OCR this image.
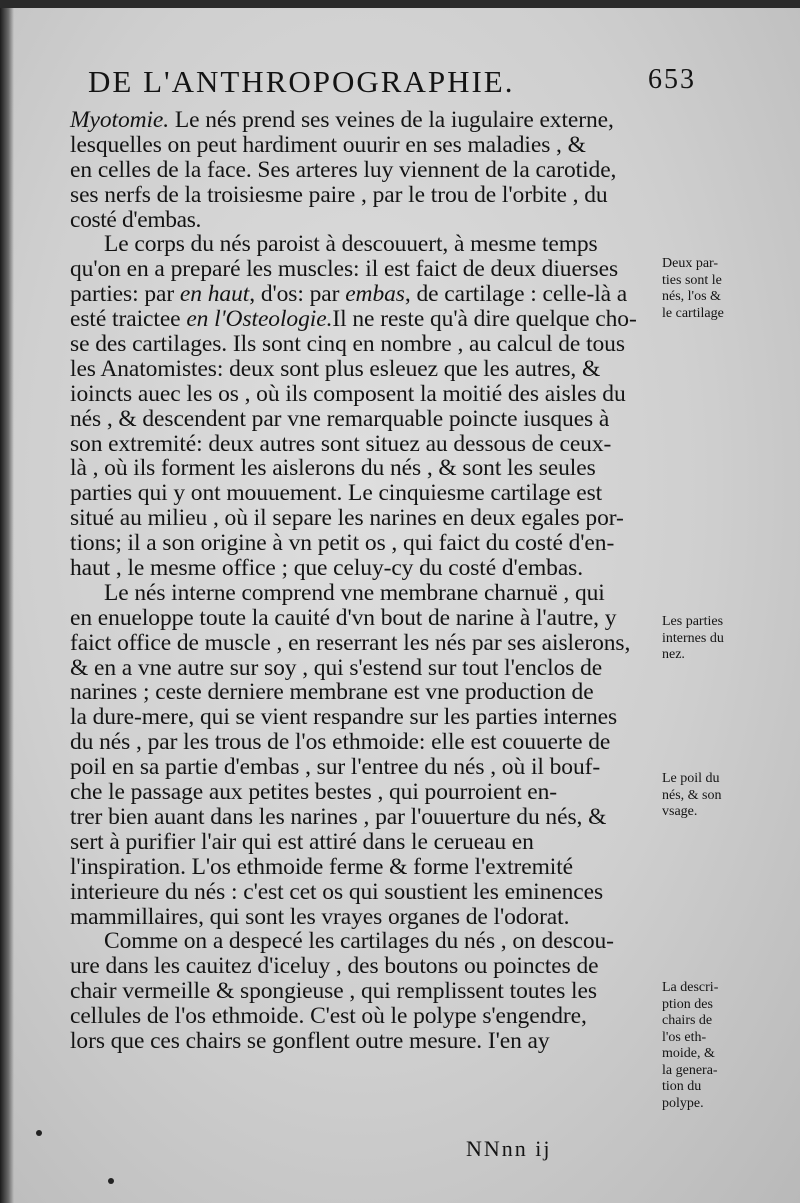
DE L'ANTHROPOGRAPHIE.	653
Myotomie. Le nés prend ses veines de la iugulaire externe,
lesquelles on peut hardiment ouurir en ses maladies , &
en celles de la face. Ses arteres luy viennent de la carotide,
ses nerfs de la troisiesme paire , par le trou de l'orbite , du
costé d'embas.
Le corps du nés paroist à descouuert, à mesme temps
qu'on en a preparé les muscles: il est faict de deux diuerses
parties: par en haut, d'os: par embas, de cartilage : celle-là a
esté traictee en l'Osteologie.Il ne reste qu'à dire quelque cho-
se des cartilages. Ils sont cinq en nombre , au calcul de tous
les Anatomistes: deux sont plus esleuez que les autres, &
ioincts auec les os , où ils composent la moitié des aisles du
nés , & descendent par vne remarquable poincte iusques à
son extremité: deux autres sont situez au dessous de ceux-
là , où ils forment les aislerons du nés , & sont les seules
parties qui y ont mouuement. Le cinquiesme cartilage est
situé au milieu , où il separe les narines en deux egales por-
tions; il a son origine à vn petit os , qui faict du costé d'en-
haut , le mesme office ; que celuy-cy du costé d'embas.
Le nés interne comprend vne membrane charnuë , qui
en enueloppe toute la cauité d'vn bout de narine à l'autre, y
faict office de muscle , en reserrant les nés par ses aislerons,
& en a vne autre sur soy , qui s'estend sur tout l'enclos de
narines ; ceste derniere membrane est vne production de
la dure-mere, qui se vient respandre sur les parties internes
du nés , par les trous de l'os ethmoide: elle est couuerte de
poil en sa partie d'embas , sur l'entree du nés , où il bouf-
che le passage aux petites bestes , qui pourroient en-
trer bien auant dans les narines , par l'ouuerture du nés, &
sert à purifier l'air qui est attiré dans le cerueau en
l'inspiration. L'os ethmoide ferme & forme l'extremité
interieure du nés : c'est cet os qui soustient les eminences
mammillaires, qui sont les vrayes organes de l'odorat.
Comme on a despecé les cartilages du nés , on descou-
ure dans les cauitez d'iceluy , des boutons ou poinctes de
chair vermeille & spongieuse , qui remplissent toutes les
cellules de l'os ethmoide. C'est où le polype s'engendre,
lors que ces chairs se gonflent outre mesure. I'en ay
Deux par-
ties sont le
nés, l'os &
le cartilage
Les parties
internes du
nez.
Le poil du
nés, & son
vsage.
La descri-
ption des
chairs de
l'os eth-
moide, &
la genera-
tion du
polype.
NNnn ij
